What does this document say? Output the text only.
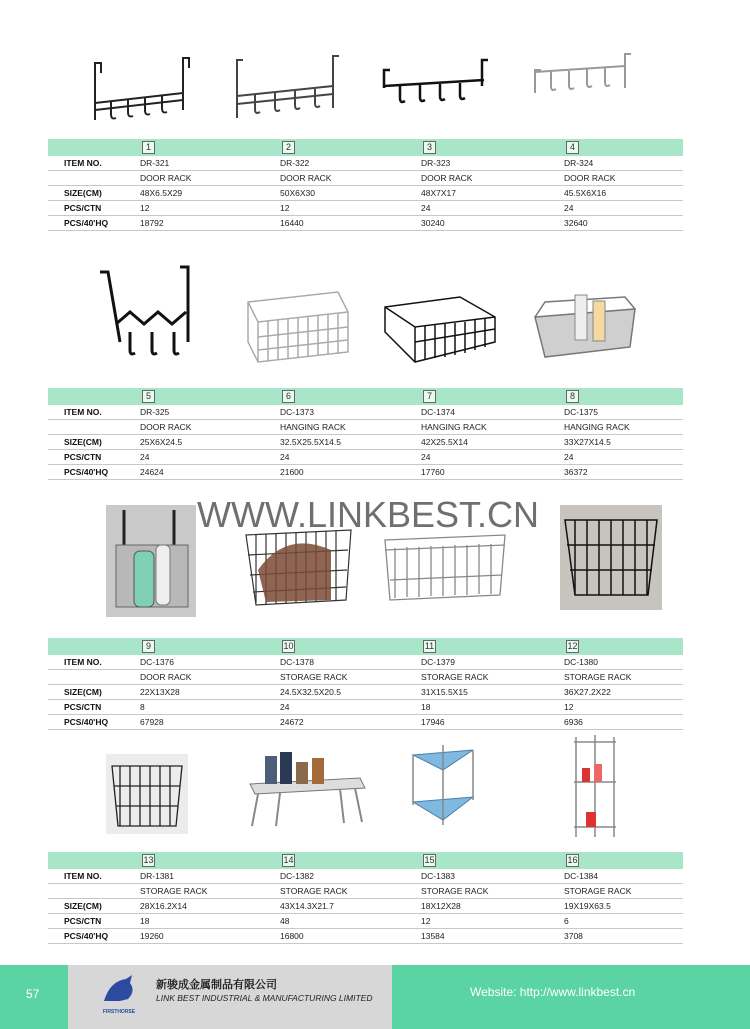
1	2	3	4
ITEM NO.	DR-321	DR-322	DR-323	DR-324
DOOR RACK	DOOR RACK	DOOR RACK	DOOR RACK
SIZE(CM)	48X6.5X29	50X6X30	48X7X17	45.5X6X16
PCS/CTN	12	12	24	24
PCS/40'HQ	18792	16440	30240	32640
5	6	7	8
ITEM NO.	DR-325	DC-1373	DC-1374	DC-1375
DOOR RACK	HANGING RACK	HANGING RACK	HANGING RACK
SIZE(CM)	25X6X24.5	32.5X25.5X14.5	42X25.5X14	33X27X14.5
PCS/CTN	24	24	24	24
PCS/40'HQ	24624	21600	17760	36372
9	10	11	12
ITEM NO.	DC-1376	DC-1378	DC-1379	DC-1380
DOOR RACK	STORAGE RACK	STORAGE RACK	STORAGE RACK
SIZE(CM)	22X13X28	24.5X32.5X20.5	31X15.5X15	36X27.2X22
PCS/CTN	8	24	18	12
PCS/40'HQ	67928	24672	17946	6936
13	14	15	16
ITEM NO.	DR-1381	DC-1382	DC-1383	DC-1384
STORAGE RACK	STORAGE RACK	STORAGE RACK	STORAGE RACK
SIZE(CM)	28X16.2X14	43X14.3X21.7	18X12X28	19X19X63.5
PCS/CTN	18	48	12	6
PCS/40'HQ	19260	16800	13584	3708
WWW.LINKBEST.CN
57
FIRSTHORSE
新骏成金属制品有限公司
LINK BEST INDUSTRIAL & MANUFACTURING LIMITED	Website: http://www.linkbest.cn
